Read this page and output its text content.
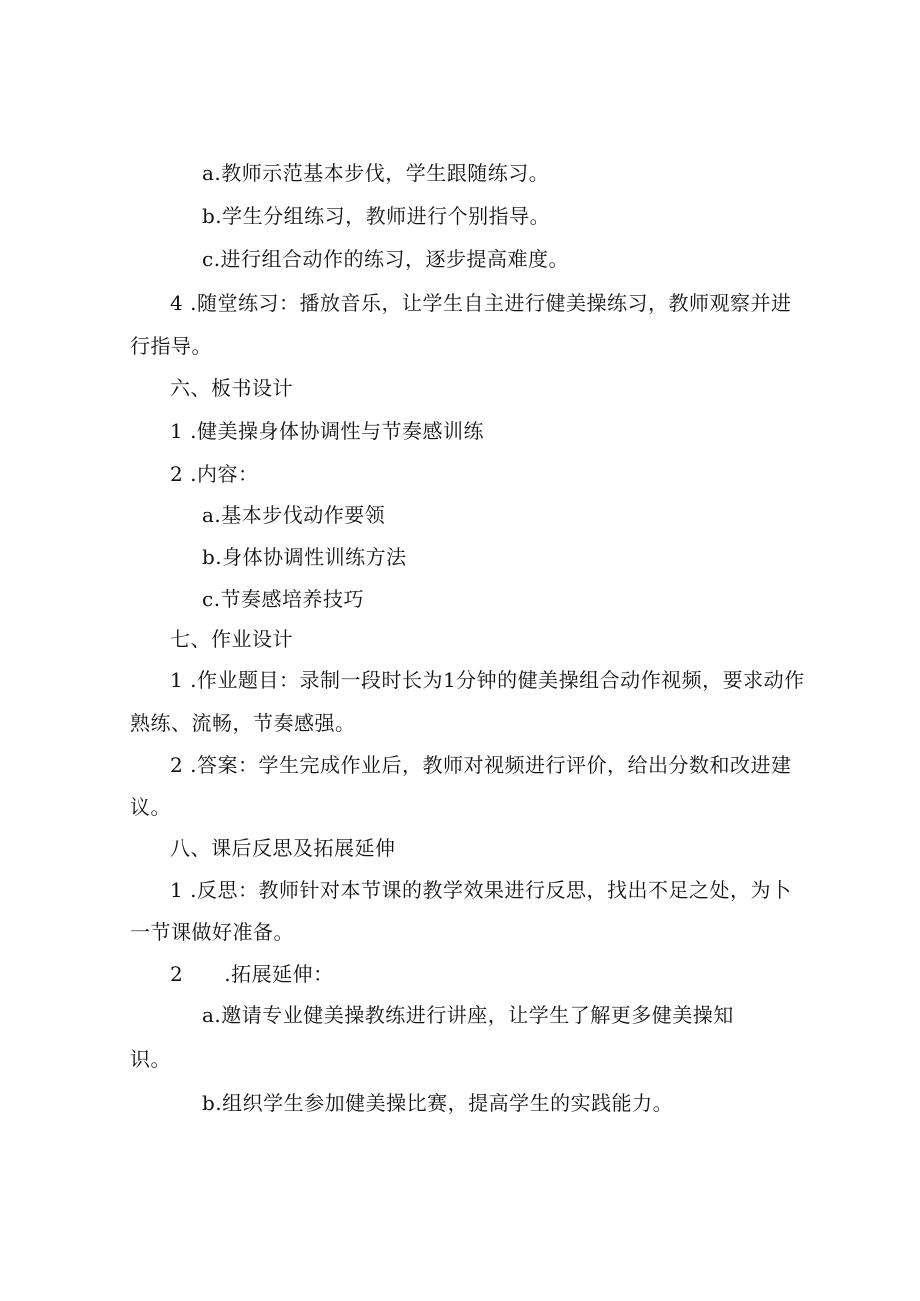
a.教师示范基本步伐，学生跟随练习。
b.学生分组练习，教师进行个别指导。
c.进行组合动作的练习，逐步提高难度。
4 .随堂练习：播放音乐，让学生自主进行健美操练习，教师观察并进
行指导。
六、板书设计
1 .健美操身体协调性与节奏感训练
2 .内容：
a.基本步伐动作要领
b.身体协调性训练方法
c.节奏感培养技巧
七、作业设计
1 .作业题目：录制一段时长为1分钟的健美操组合动作视频，要求动作
熟练、流畅，节奏感强。
2 .答案：学生完成作业后，教师对视频进行评价，给出分数和改进建
议。
八、课后反思及拓展延伸
1 .反思：教师针对本节课的教学效果进行反思，找出不足之处，为卜
一节课做好准备。
2　　.拓展延伸：
a.邀请专业健美操教练进行讲座，让学生了解更多健美操知
识。
b.组织学生参加健美操比赛，提高学生的实践能力。
